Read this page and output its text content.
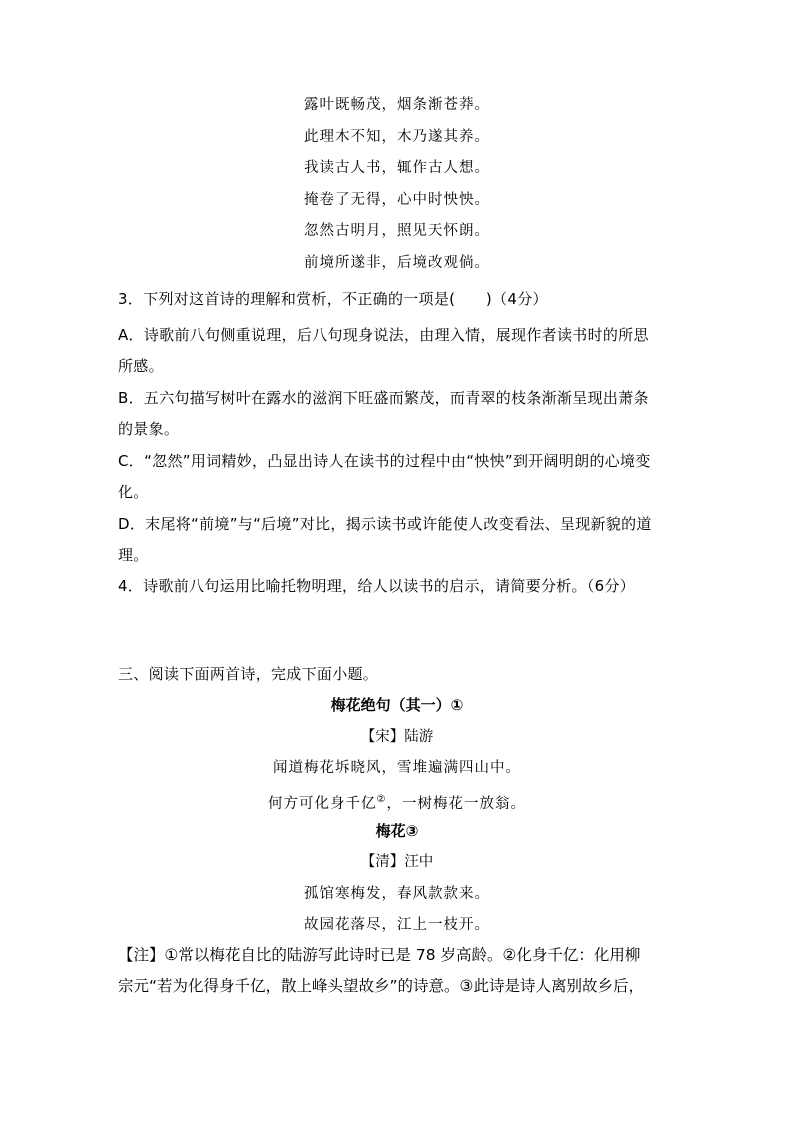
露叶既畅茂，烟条渐苍莽。
此理木不知，木乃遂其养。
我读古人书，辄作古人想。
掩卷了无得，心中时怏怏。
忽然古明月，照见天怀朗。
前境所遂非，后境改观倘。
3．下列对这首诗的理解和赏析，不正确的一项是(　　)（4分）
A．诗歌前八句侧重说理，后八句现身说法，由理入情，展现作者读书时的所思
所感。
B．五六句描写树叶在露水的滋润下旺盛而繁茂，而青翠的枝条渐渐呈现出萧条
的景象。
C．“忽然”用词精妙，凸显出诗人在读书的过程中由“怏怏”到开阔明朗的心境变
化。
D．末尾将“前境”与“后境”对比，揭示读书或许能使人改变看法、呈现新貌的道
理。
4．诗歌前八句运用比喻托物明理，给人以读书的启示，请简要分析。（6分）
三、阅读下面两首诗，完成下面小题。
梅花绝句（其一）①
【宋】陆游
闻道梅花坼晓风，雪堆遍满四山中。
何方可化身千亿②，一树梅花一放翁。
梅花③
【清】汪中
孤馆寒梅发，春风款款来。
故园花落尽，江上一枝开。
【注】①常以梅花自比的陆游写此诗时已是 78 岁高龄。②化身千亿：化用柳
宗元“若为化得身千亿，散上峰头望故乡”的诗意。③此诗是诗人离别故乡后，
